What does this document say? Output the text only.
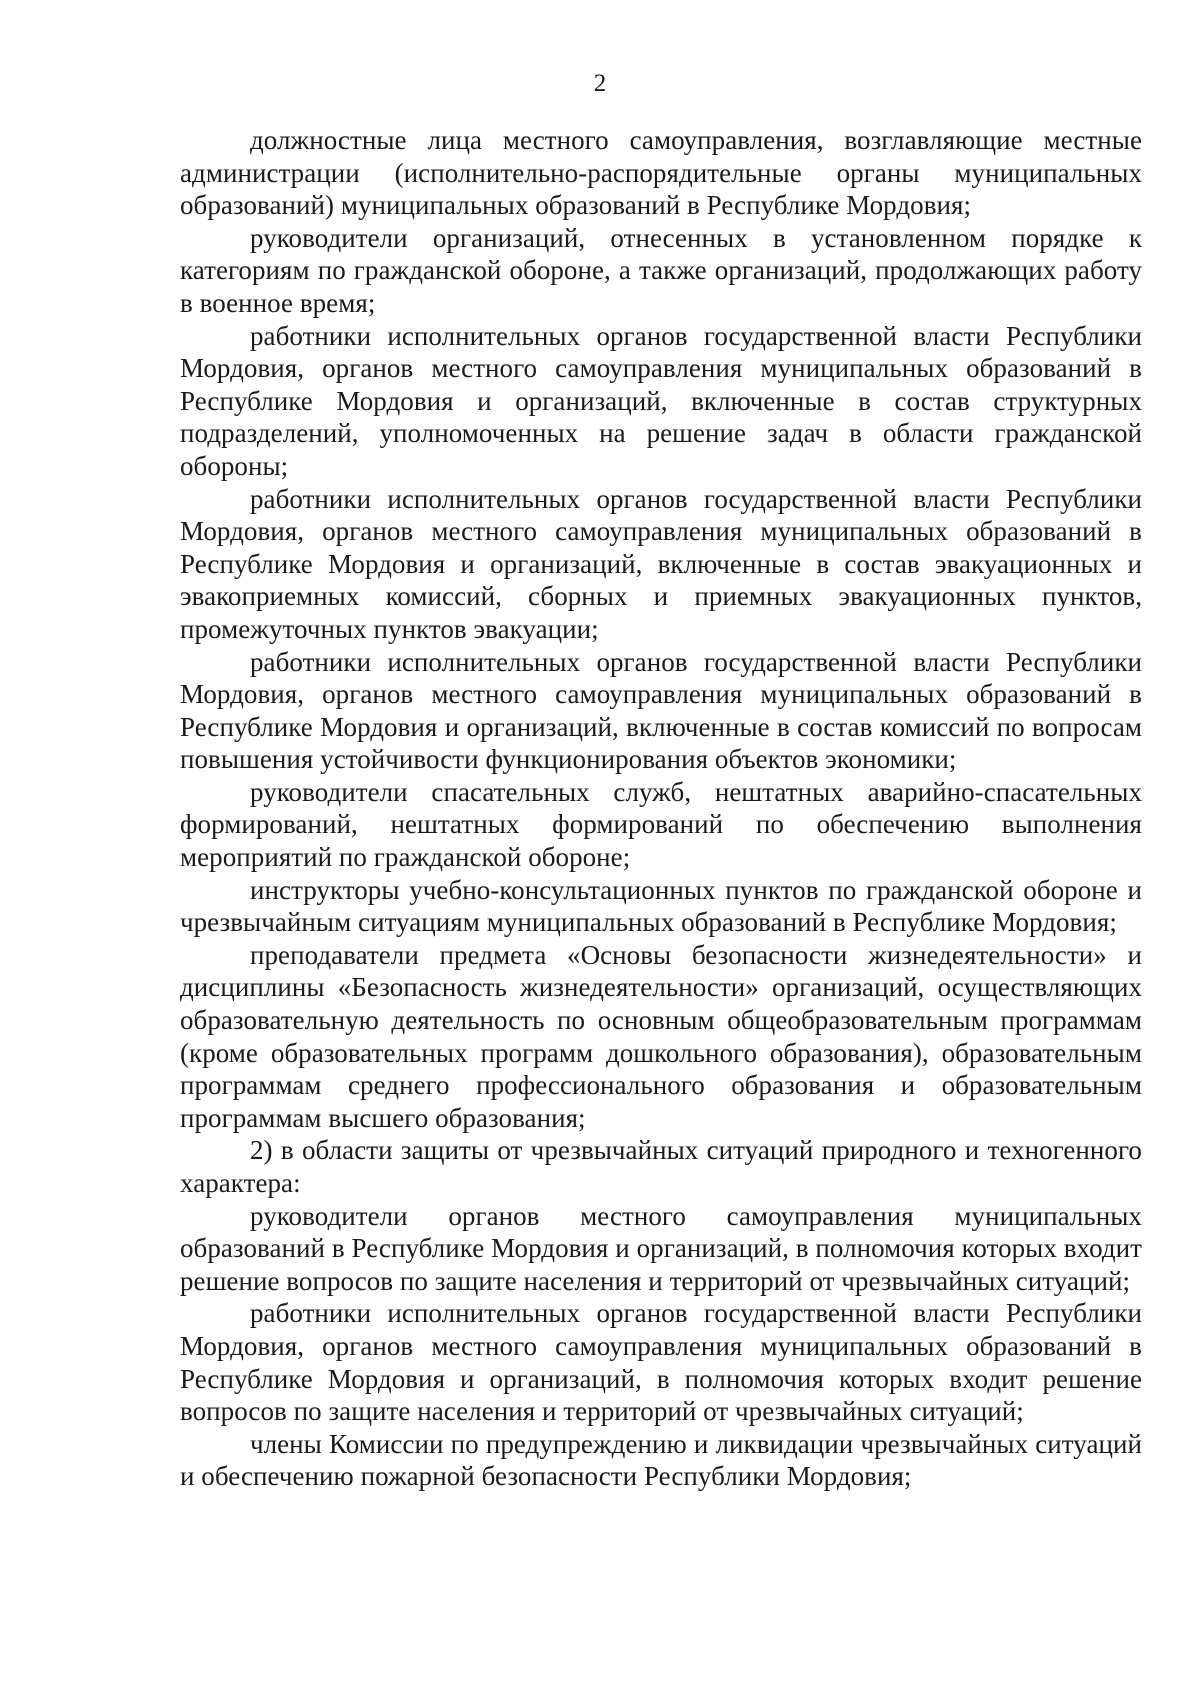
2

должностные лица местного самоуправления, возглавляющие местные администрации (исполнительно-распорядительные органы муниципальных образований) муниципальных образований в Республике Мордовия;

руководители организаций, отнесенных в установленном порядке к категориям по гражданской обороне, а также организаций, продолжающих работу в военное время;

работники исполнительных органов государственной власти Республики Мордовия, органов местного самоуправления муниципальных образований в Республике Мордовия и организаций, включенные в состав структурных подразделений, уполномоченных на решение задач в области гражданской обороны;

работники исполнительных органов государственной власти Республики Мордовия, органов местного самоуправления муниципальных образований в Республике Мордовия и организаций, включенные в состав эвакуационных и эвакоприемных комиссий, сборных и приемных эвакуационных пунктов, промежуточных пунктов эвакуации;

работники исполнительных органов государственной власти Республики Мордовия, органов местного самоуправления муниципальных образований в Республике Мордовия и организаций, включенные в состав комиссий по вопросам повышения устойчивости функционирования объектов экономики;

руководители спасательных служб, нештатных аварийно-спасательных формирований, нештатных формирований по обеспечению выполнения мероприятий по гражданской обороне;

инструкторы учебно-консультационных пунктов по гражданской обороне и чрезвычайным ситуациям муниципальных образований в Республике Мордовия;

преподаватели предмета «Основы безопасности жизнедеятельности» и дисциплины «Безопасность жизнедеятельности» организаций, осуществляющих образовательную деятельность по основным общеобразовательным программам (кроме образовательных программ дошкольного образования), образовательным программам среднего профессионального образования и образовательным программам высшего образования;

2) в области защиты от чрезвычайных ситуаций природного и техногенного характера:

руководители органов местного самоуправления муниципальных образований в Республике Мордовия и организаций, в полномочия которых входит решение вопросов по защите населения и территорий от чрезвычайных ситуаций;

работники исполнительных органов государственной власти Республики Мордовия, органов местного самоуправления муниципальных образований в Республике Мордовия и организаций, в полномочия которых входит решение вопросов по защите населения и территорий от чрезвычайных ситуаций;

члены Комиссии по предупреждению и ликвидации чрезвычайных ситуаций и обеспечению пожарной безопасности Республики Мордовия;
